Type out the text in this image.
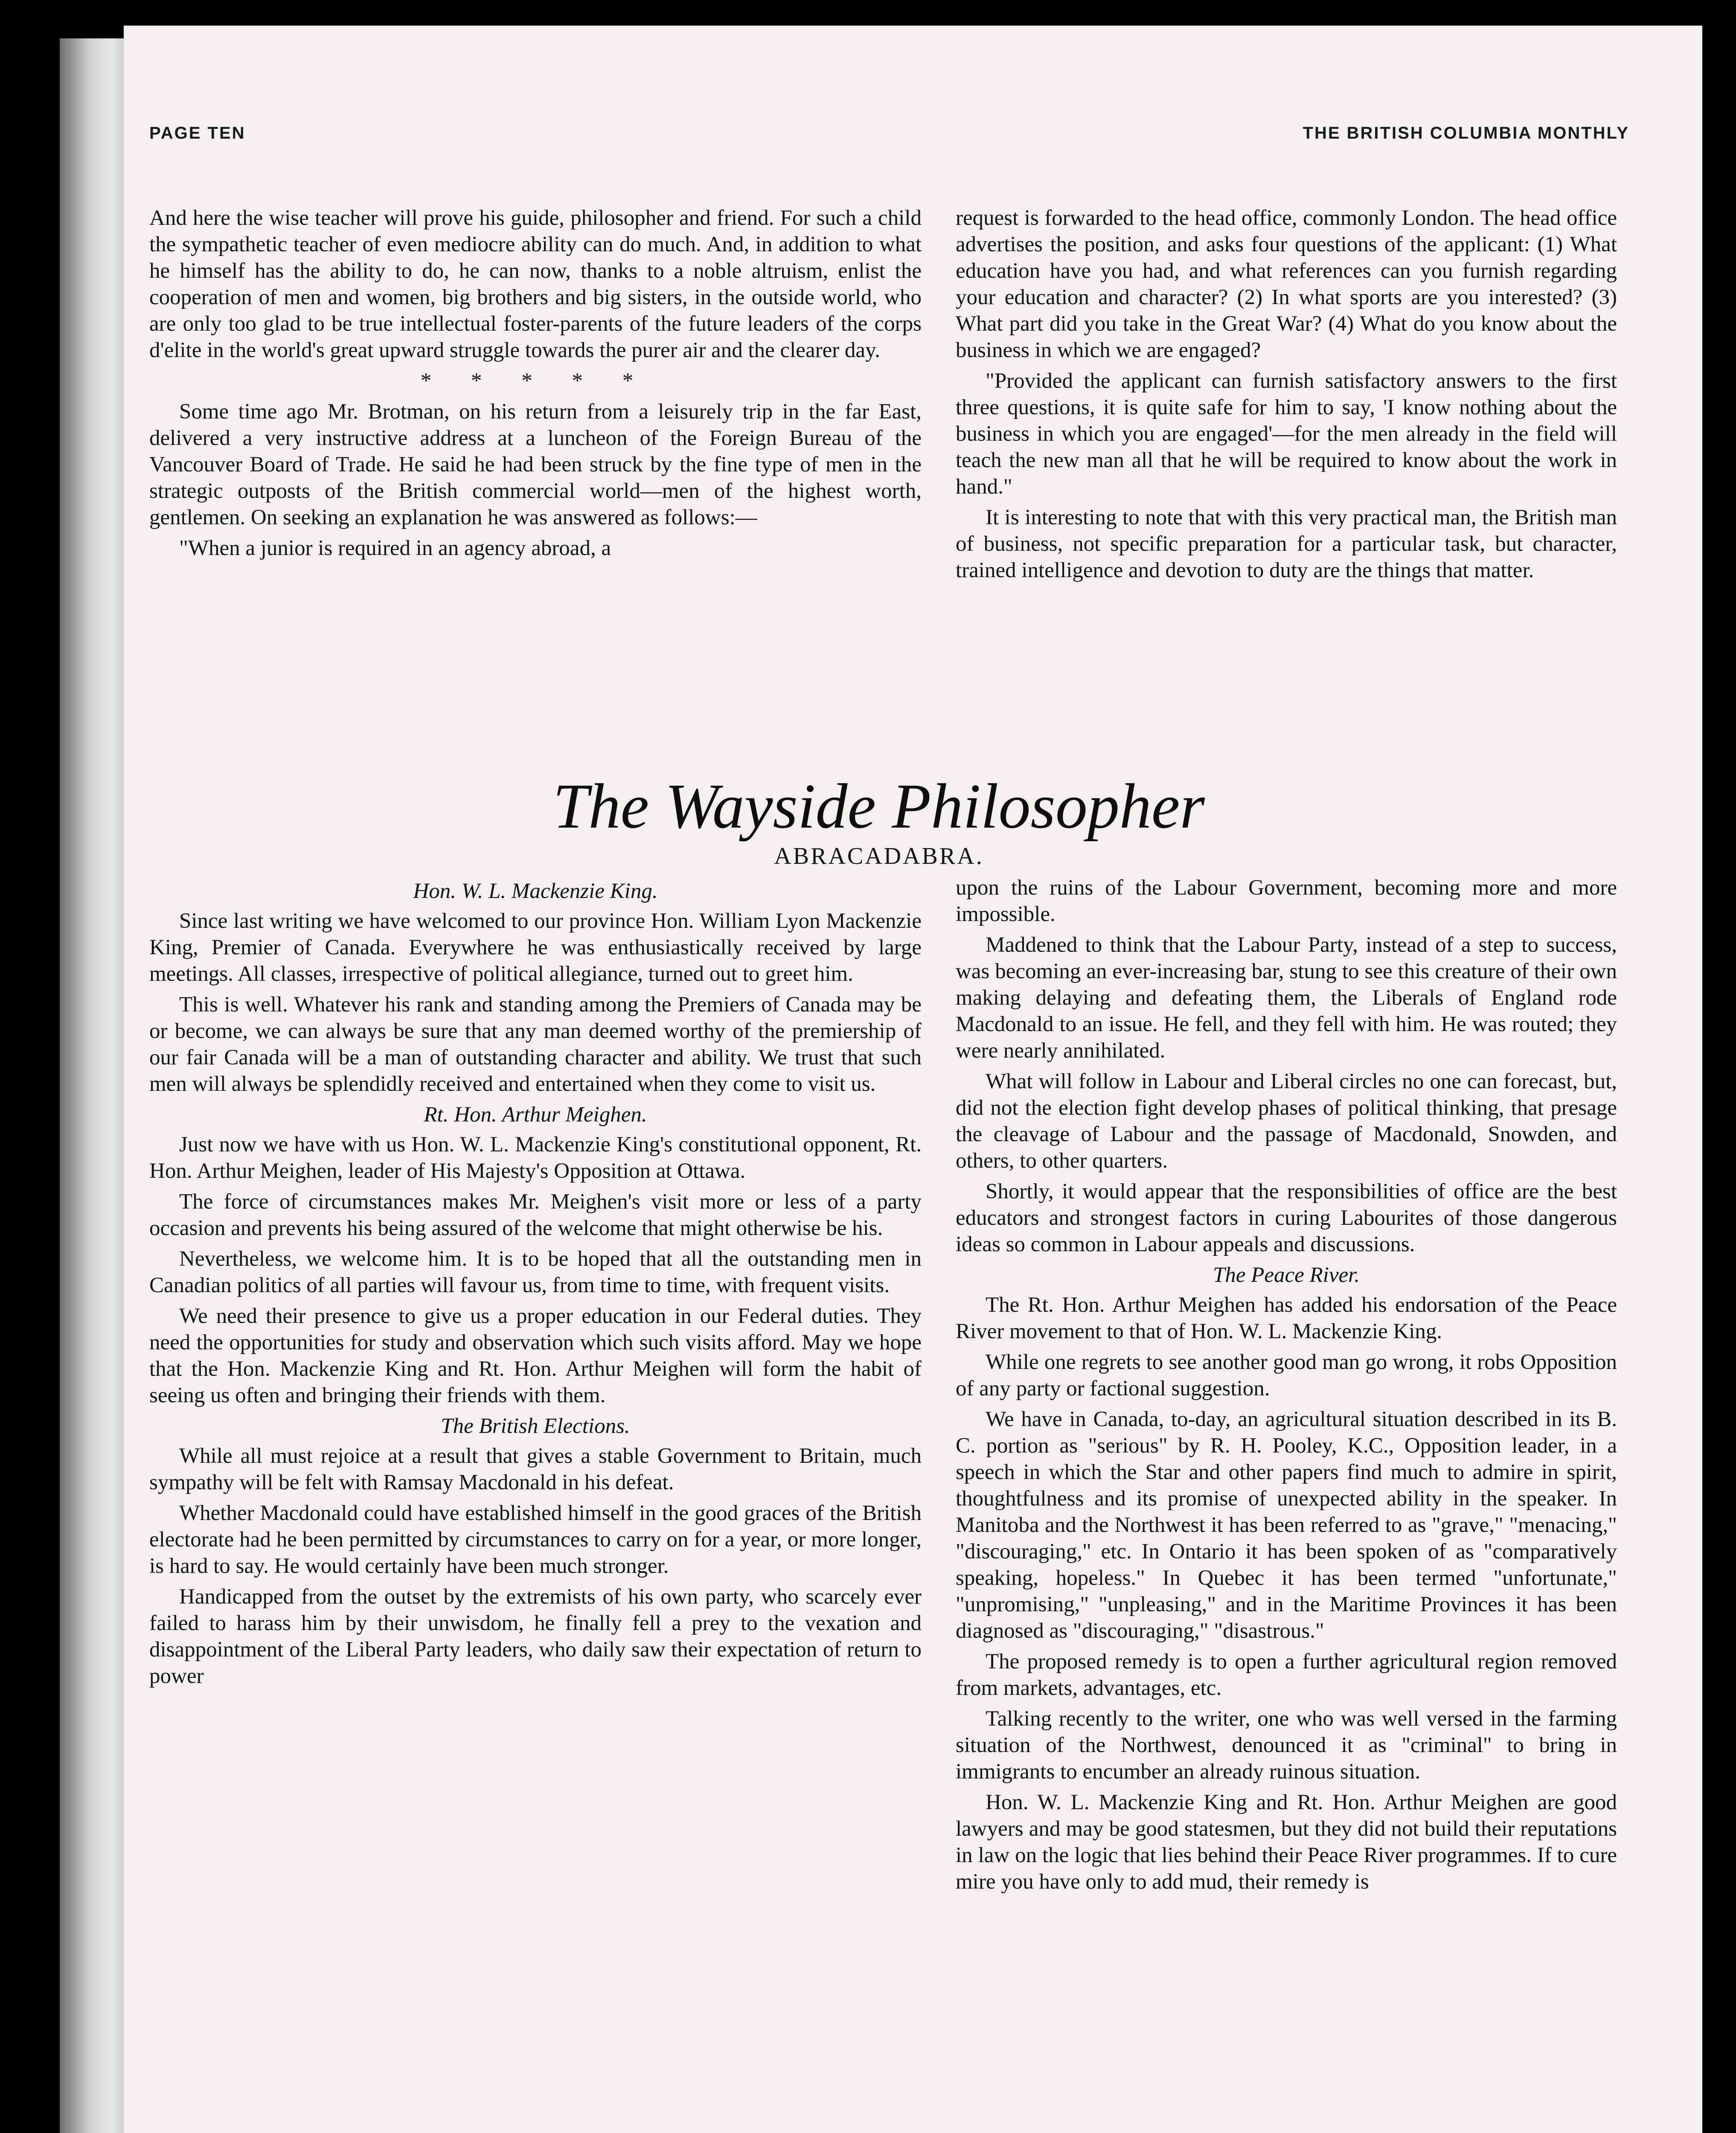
PAGE TEN	THE BRITISH COLUMBIA MONTHLY

And here the wise teacher will prove his guide, philosopher and friend. For such a child the sympathetic teacher of even mediocre ability can do much. And, in addition to what he himself has the ability to do, he can now, thanks to a noble altruism, enlist the cooperation of men and women, big brothers and big sisters, in the outside world, who are only too glad to be true intellectual foster-parents of the future leaders of the corps d'elite in the world's great upward struggle towards the purer air and the clearer day.

* * * * *

Some time ago Mr. Brotman, on his return from a leisurely trip in the far East, delivered a very instructive address at a luncheon of the Foreign Bureau of the Vancouver Board of Trade. He said he had been struck by the fine type of men in the strategic outposts of the British commercial world—men of the highest worth, gentlemen. On seeking an explanation he was answered as follows:—

"When a junior is required in an agency abroad, a

request is forwarded to the head office, commonly London. The head office advertises the position, and asks four questions of the applicant: (1) What education have you had, and what references can you furnish regarding your education and character? (2) In what sports are you interested? (3) What part did you take in the Great War? (4) What do you know about the business in which we are engaged?

"Provided the applicant can furnish satisfactory answers to the first three questions, it is quite safe for him to say, 'I know nothing about the business in which you are engaged'—for the men already in the field will teach the new man all that he will be required to know about the work in hand."

It is interesting to note that with this very practical man, the British man of business, not specific preparation for a particular task, but character, trained intelligence and devotion to duty are the things that matter.

The Wayside Philosopher
ABRACADABRA.

Hon. W. L. Mackenzie King.

Since last writing we have welcomed to our province Hon. William Lyon Mackenzie King, Premier of Canada. Everywhere he was enthusiastically received by large meetings. All classes, irrespective of political allegiance, turned out to greet him.

This is well. Whatever his rank and standing among the Premiers of Canada may be or become, we can always be sure that any man deemed worthy of the premiership of our fair Canada will be a man of outstanding character and ability. We trust that such men will always be splendidly received and entertained when they come to visit us.

Rt. Hon. Arthur Meighen.

Just now we have with us Hon. W. L. Mackenzie King's constitutional opponent, Rt. Hon. Arthur Meighen, leader of His Majesty's Opposition at Ottawa.

The force of circumstances makes Mr. Meighen's visit more or less of a party occasion and prevents his being assured of the welcome that might otherwise be his.

Nevertheless, we welcome him. It is to be hoped that all the outstanding men in Canadian politics of all parties will favour us, from time to time, with frequent visits.

We need their presence to give us a proper education in our Federal duties. They need the opportunities for study and observation which such visits afford. May we hope that the Hon. Mackenzie King and Rt. Hon. Arthur Meighen will form the habit of seeing us often and bringing their friends with them.

The British Elections.

While all must rejoice at a result that gives a stable Government to Britain, much sympathy will be felt with Ramsay Macdonald in his defeat.

Whether Macdonald could have established himself in the good graces of the British electorate had he been permitted by circumstances to carry on for a year, or more longer, is hard to say. He would certainly have been much stronger.

Handicapped from the outset by the extremists of his own party, who scarcely ever failed to harass him by their unwisdom, he finally fell a prey to the vexation and disappointment of the Liberal Party leaders, who daily saw their expectation of return to power

upon the ruins of the Labour Government, becoming more and more impossible.

Maddened to think that the Labour Party, instead of a step to success, was becoming an ever-increasing bar, stung to see this creature of their own making delaying and defeating them, the Liberals of England rode Macdonald to an issue. He fell, and they fell with him. He was routed; they were nearly annihilated.

What will follow in Labour and Liberal circles no one can forecast, but, did not the election fight develop phases of political thinking, that presage the cleavage of Labour and the passage of Macdonald, Snowden, and others, to other quarters.

Shortly, it would appear that the responsibilities of office are the best educators and strongest factors in curing Labourites of those dangerous ideas so common in Labour appeals and discussions.

The Peace River.

The Rt. Hon. Arthur Meighen has added his endorsation of the Peace River movement to that of Hon. W. L. Mackenzie King.

While one regrets to see another good man go wrong, it robs Opposition of any party or factional suggestion.

We have in Canada, to-day, an agricultural situation described in its B. C. portion as "serious" by R. H. Pooley, K.C., Opposition leader, in a speech in which the Star and other papers find much to admire in spirit, thoughtfulness and its promise of unexpected ability in the speaker. In Manitoba and the Northwest it has been referred to as "grave," "menacing," "discouraging," etc. In Ontario it has been spoken of as "comparatively speaking, hopeless." In Quebec it has been termed "unfortunate," "unpromising," "unpleasing," and in the Maritime Provinces it has been diagnosed as "discouraging," "disastrous."

The proposed remedy is to open a further agricultural region removed from markets, advantages, etc.

Talking recently to the writer, one who was well versed in the farming situation of the Northwest, denounced it as "criminal" to bring in immigrants to encumber an already ruinous situation.

Hon. W. L. Mackenzie King and Rt. Hon. Arthur Meighen are good lawyers and may be good statesmen, but they did not build their reputations in law on the logic that lies behind their Peace River programmes. If to cure mire you have only to add mud, their remedy is
